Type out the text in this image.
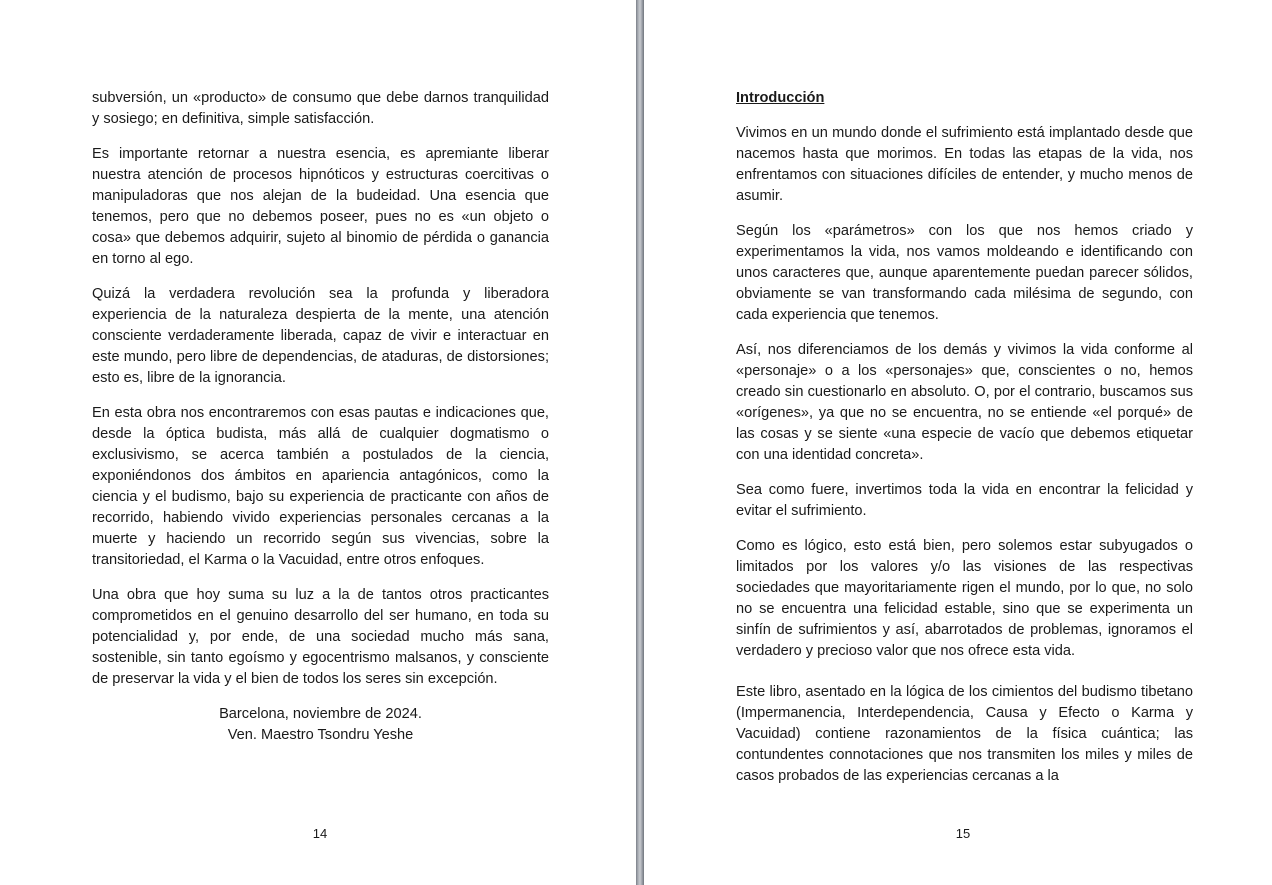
subversión, un «producto» de consumo que debe darnos tranquilidad y sosiego; en definitiva, simple satisfacción.

Es importante retornar a nuestra esencia, es apremiante liberar nuestra atención de procesos hipnóticos y estructuras coercitivas o manipuladoras que nos alejan de la budeidad. Una esencia que tenemos, pero que no debemos poseer, pues no es «un objeto o cosa» que debemos adquirir, sujeto al binomio de pérdida o ganancia en torno al ego.

Quizá la verdadera revolución sea la profunda y liberadora experiencia de la naturaleza despierta de la mente, una atención consciente verdaderamente liberada, capaz de vivir e interactuar en este mundo, pero libre de dependencias, de ataduras, de distorsiones; esto es, libre de la ignorancia.

En esta obra nos encontraremos con esas pautas e indicaciones que, desde la óptica budista, más allá de cualquier dogmatismo o exclusivismo, se acerca también a postulados de la ciencia, exponiéndonos dos ámbitos en apariencia antagónicos, como la ciencia y el budismo, bajo su experiencia de practicante con años de recorrido, habiendo vivido experiencias personales cercanas a la muerte y haciendo un recorrido según sus vivencias, sobre la transitoriedad, el Karma o la Vacuidad, entre otros enfoques.

Una obra que hoy suma su luz a la de tantos otros practicantes comprometidos en el genuino desarrollo del ser humano, en toda su potencialidad y, por ende, de una sociedad mucho más sana, sostenible, sin tanto egoísmo y egocentrismo malsanos, y consciente de preservar la vida y el bien de todos los seres sin excepción.

Barcelona, noviembre de 2024.
Ven. Maestro Tsondru Yeshe
14
Introducción

Vivimos en un mundo donde el sufrimiento está implantado desde que nacemos hasta que morimos. En todas las etapas de la vida, nos enfrentamos con situaciones difíciles de entender, y mucho menos de asumir.

Según los «parámetros» con los que nos hemos criado y experimentamos la vida, nos vamos moldeando e identificando con unos caracteres que, aunque aparentemente puedan parecer sólidos, obviamente se van transformando cada milésima de segundo, con cada experiencia que tenemos.

Así, nos diferenciamos de los demás y vivimos la vida conforme al «personaje» o a los «personajes» que, conscientes o no, hemos creado sin cuestionarlo en absoluto. O, por el contrario, buscamos sus «orígenes», ya que no se encuentra, no se entiende «el porqué» de las cosas y se siente «una especie de vacío que debemos etiquetar con una identidad concreta».

Sea como fuere, invertimos toda la vida en encontrar la felicidad y evitar el sufrimiento.

Como es lógico, esto está bien, pero solemos estar subyugados o limitados por los valores y/o las visiones de las respectivas sociedades que mayoritariamente rigen el mundo, por lo que, no solo no se encuentra una felicidad estable, sino que se experimenta un sinfín de sufrimientos y así, abarrotados de problemas, ignoramos el verdadero y precioso valor que nos ofrece esta vida.

Este libro, asentado en la lógica de los cimientos del budismo tibetano (Impermanencia, Interdependencia, Causa y Efecto o Karma y Vacuidad) contiene razonamientos de la física cuántica; las contundentes connotaciones que nos transmiten los miles y miles de casos probados de las experiencias cercanas a la

15
